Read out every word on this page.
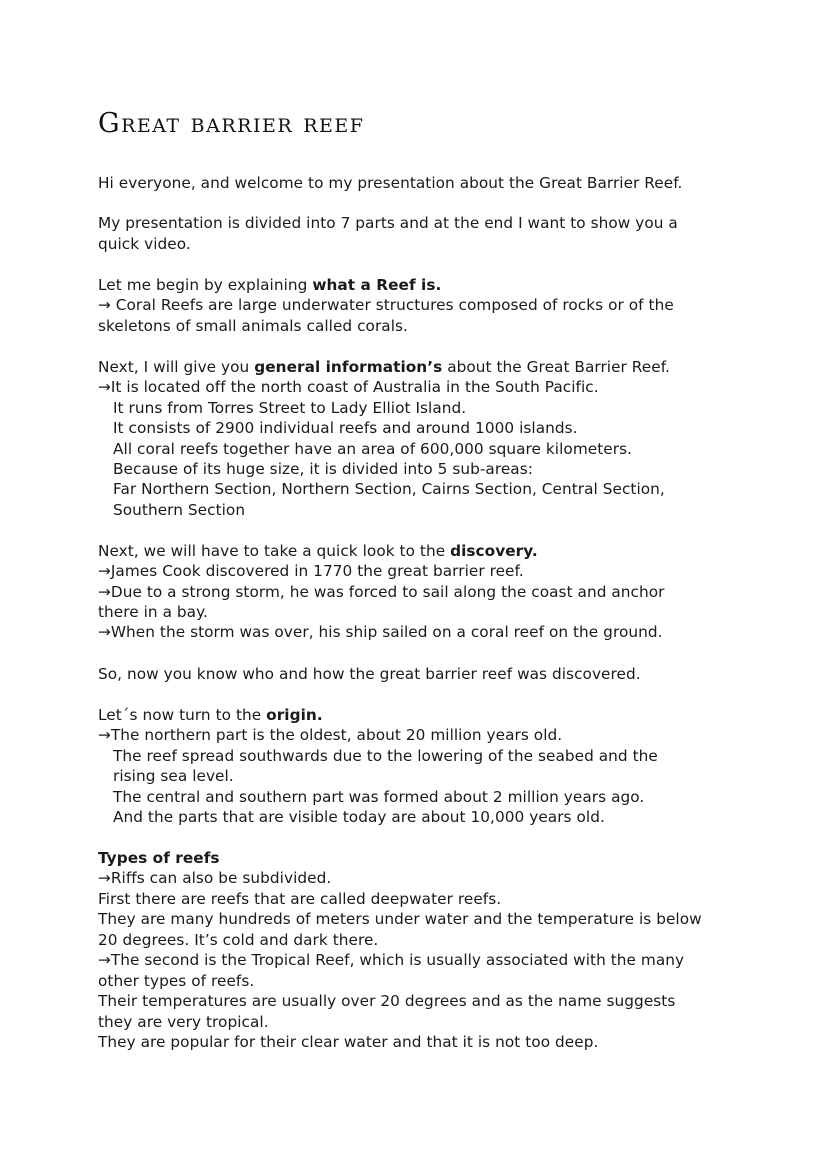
Great barrier reef

Hi everyone, and welcome to my presentation about the Great Barrier Reef.

My presentation is divided into 7 parts and at the end I want to show you a

quick video.

Let me begin by explaining what a Reef is.

→ Coral Reefs are large underwater structures composed of rocks or of the

skeletons of small animals called corals.

Next, I will give you general information’s about the Great Barrier Reef.

→It is located off the north coast of Australia in the South Pacific.

It runs from Torres Street to Lady Elliot Island.

It consists of 2900 individual reefs and around 1000 islands.

All coral reefs together have an area of 600,000 square kilometers.

Because of its huge size, it is divided into 5 sub-areas:

Far Northern Section, Northern Section, Cairns Section, Central Section,

Southern Section

Next, we will have to take a quick look to the discovery.

→James Cook discovered in 1770 the great barrier reef.

→Due to a strong storm, he was forced to sail along the coast and anchor

there in a bay.

→When the storm was over, his ship sailed on a coral reef on the ground.

So, now you know who and how the great barrier reef was discovered.

Let´s now turn to the origin.

→The northern part is the oldest, about 20 million years old.

The reef spread southwards due to the lowering of the seabed and the

rising sea level.

The central and southern part was formed about 2 million years ago.

And the parts that are visible today are about 10,000 years old.

Types of reefs

→Riffs can also be subdivided.

First there are reefs that are called deepwater reefs.

They are many hundreds of meters under water and the temperature is below

20 degrees. It’s cold and dark there.

→The second is the Tropical Reef, which is usually associated with the many

other types of reefs.

Their temperatures are usually over 20 degrees and as the name suggests

they are very tropical.

They are popular for their clear water and that it is not too deep.
